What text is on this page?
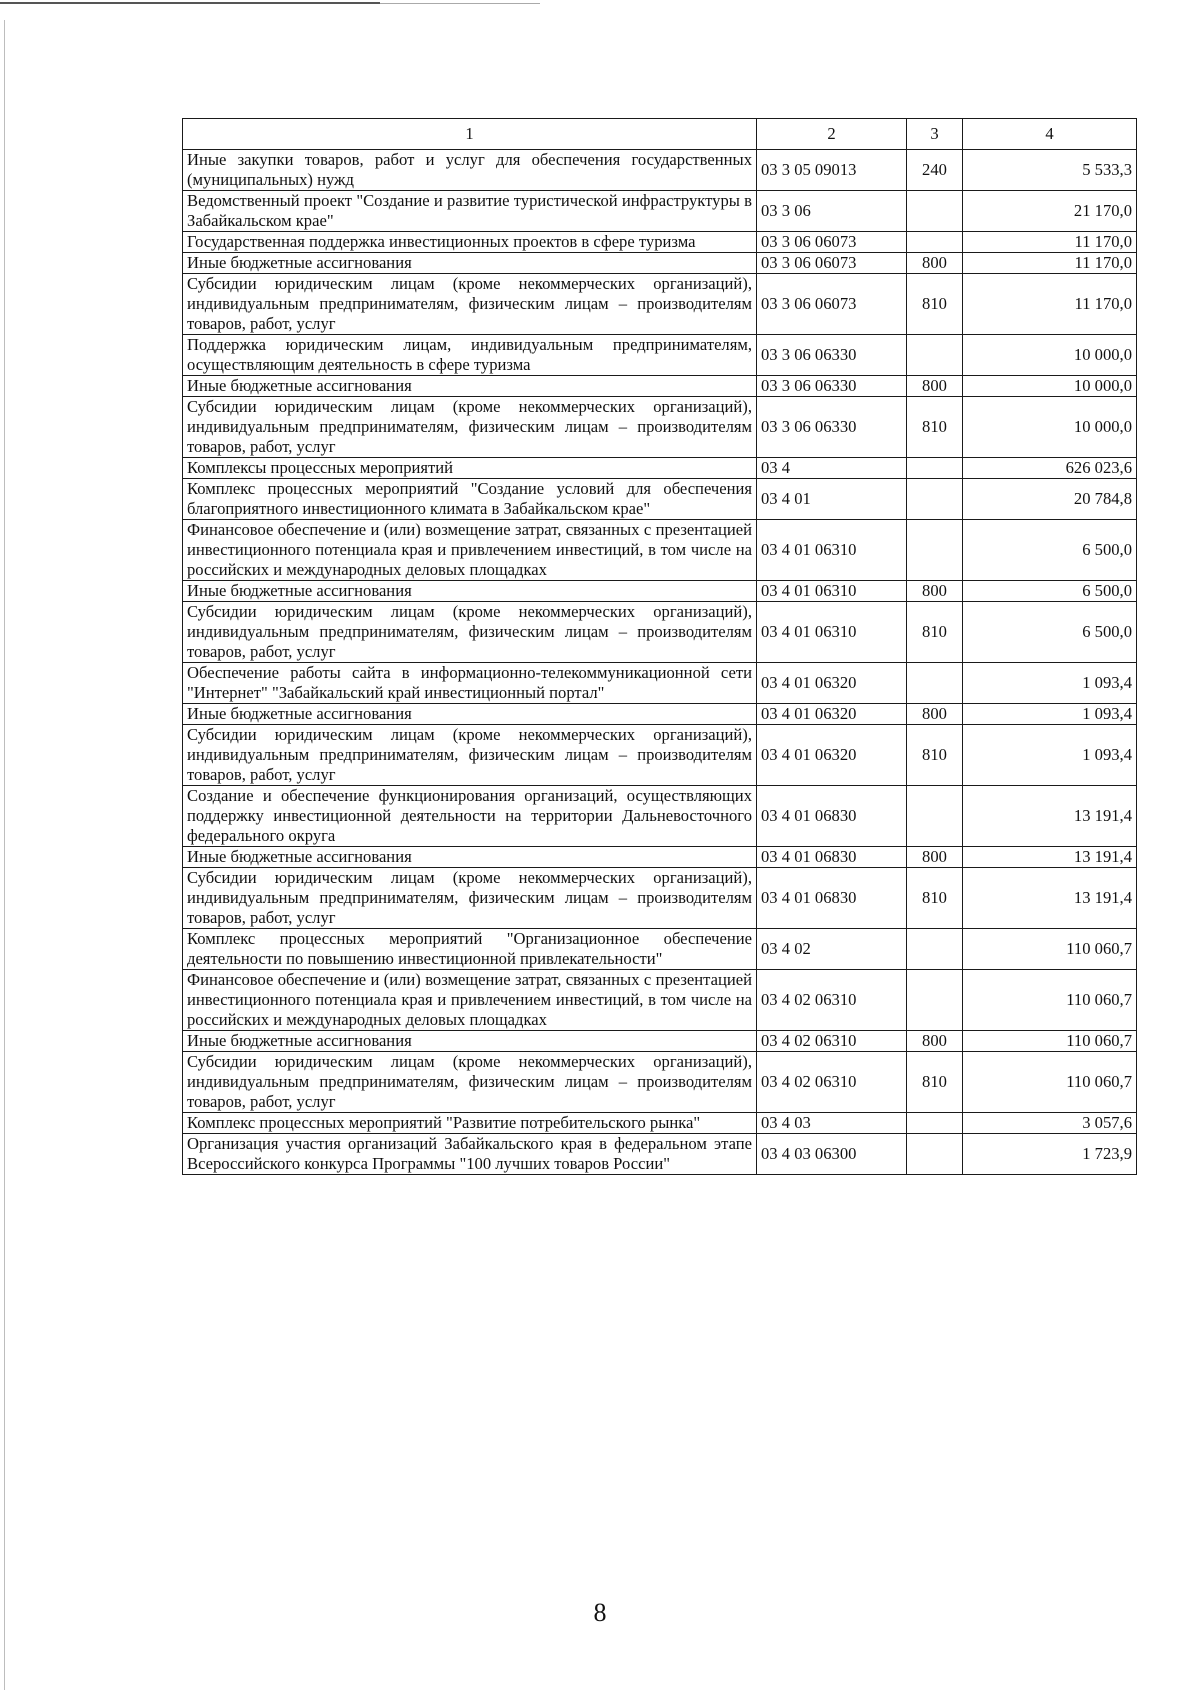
1	2	3	4
Иные закупки товаров, работ и услуг для обеспечения государственных (муниципальных) нужд	03 3 05 09013	240	5 533,3
Ведомственный проект "Создание и развитие туристической инфраструктуры в Забайкальском крае"	03 3 06		21 170,0
Государственная поддержка инвестиционных проектов в сфере туризма	03 3 06 06073		11 170,0
Иные бюджетные ассигнования	03 3 06 06073	800	11 170,0
Субсидии юридическим лицам (кроме некоммерческих организаций), индивидуальным предпринимателям, физическим лицам – производителям товаров, работ, услуг	03 3 06 06073	810	11 170,0
Поддержка юридическим лицам, индивидуальным предпринимателям, осуществляющим деятельность в сфере туризма	03 3 06 06330		10 000,0
Иные бюджетные ассигнования	03 3 06 06330	800	10 000,0
Субсидии юридическим лицам (кроме некоммерческих организаций), индивидуальным предпринимателям, физическим лицам – производителям товаров, работ, услуг	03 3 06 06330	810	10 000,0
Комплексы процессных мероприятий	03 4		626 023,6
Комплекс процессных мероприятий "Создание условий для обеспечения благоприятного инвестиционного климата в Забайкальском крае"	03 4 01		20 784,8
Финансовое обеспечение и (или) возмещение затрат, связанных с презентацией инвестиционного потенциала края и привлечением инвестиций, в том числе на российских и международных деловых площадках	03 4 01 06310		6 500,0
Иные бюджетные ассигнования	03 4 01 06310	800	6 500,0
Субсидии юридическим лицам (кроме некоммерческих организаций), индивидуальным предпринимателям, физическим лицам – производителям товаров, работ, услуг	03 4 01 06310	810	6 500,0
Обеспечение работы сайта в информационно-телекоммуникационной сети "Интернет" "Забайкальский край инвестиционный портал"	03 4 01 06320		1 093,4
Иные бюджетные ассигнования	03 4 01 06320	800	1 093,4
Субсидии юридическим лицам (кроме некоммерческих организаций), индивидуальным предпринимателям, физическим лицам – производителям товаров, работ, услуг	03 4 01 06320	810	1 093,4
Создание и обеспечение функционирования организаций, осуществляющих поддержку инвестиционной деятельности на территории Дальневосточного федерального округа	03 4 01 06830		13 191,4
Иные бюджетные ассигнования	03 4 01 06830	800	13 191,4
Субсидии юридическим лицам (кроме некоммерческих организаций), индивидуальным предпринимателям, физическим лицам – производителям товаров, работ, услуг	03 4 01 06830	810	13 191,4
Комплекс процессных мероприятий "Организационное обеспечение деятельности по повышению инвестиционной привлекательности"	03 4 02		110 060,7
Финансовое обеспечение и (или) возмещение затрат, связанных с презентацией инвестиционного потенциала края и привлечением инвестиций, в том числе на российских и международных деловых площадках	03 4 02 06310		110 060,7
Иные бюджетные ассигнования	03 4 02 06310	800	110 060,7
Субсидии юридическим лицам (кроме некоммерческих организаций), индивидуальным предпринимателям, физическим лицам – производителям товаров, работ, услуг	03 4 02 06310	810	110 060,7
Комплекс процессных мероприятий "Развитие потребительского рынка"	03 4 03		3 057,6
Организация участия организаций Забайкальского края в федеральном этапе Всероссийского конкурса Программы "100 лучших товаров России"	03 4 03 06300		1 723,9
8
